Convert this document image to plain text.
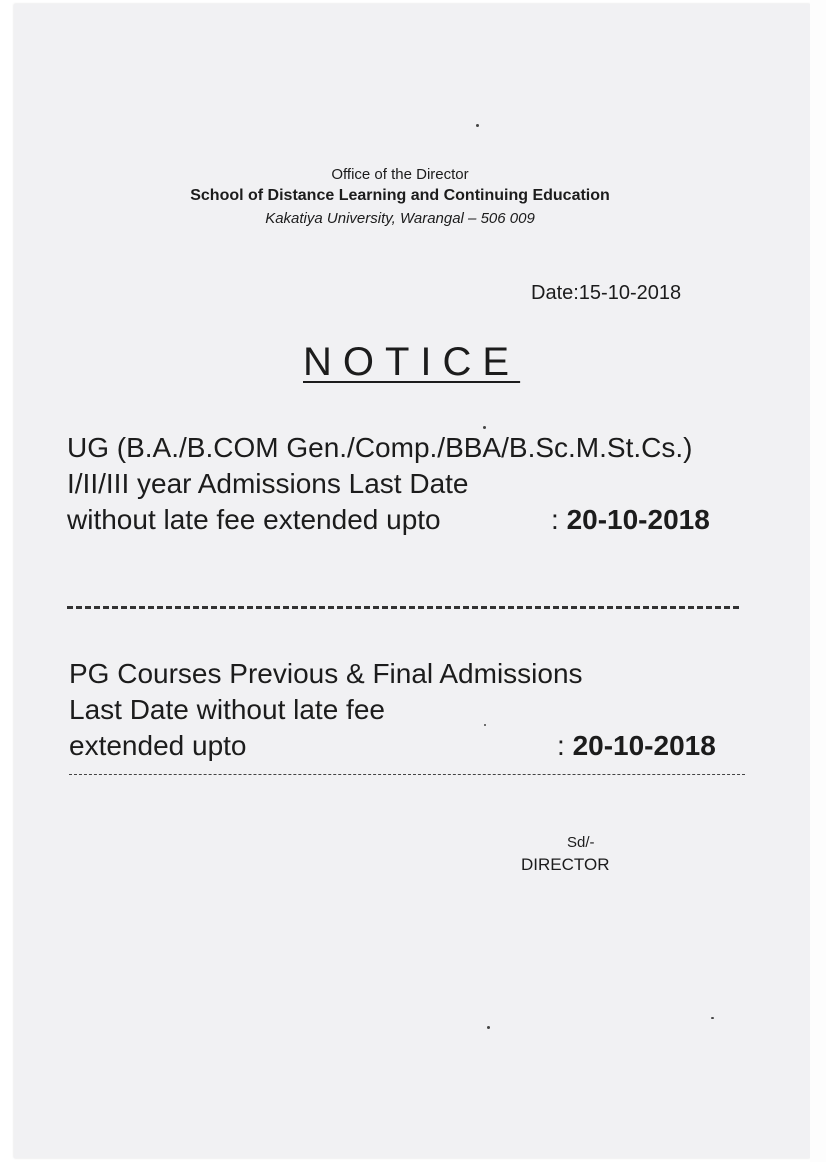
Office of the Director
School of Distance Learning and Continuing Education
Kakatiya University, Warangal – 506 009
Date:15-10-2018
NOTICE
UG (B.A./B.COM Gen./Comp./BBA/B.Sc.M.St.Cs.)
I/II/III year Admissions Last Date
without late fee extended upto	: 20-10-2018
PG Courses Previous & Final Admissions
Last Date without late fee
extended upto	: 20-10-2018
Sd/-
DIRECTOR
